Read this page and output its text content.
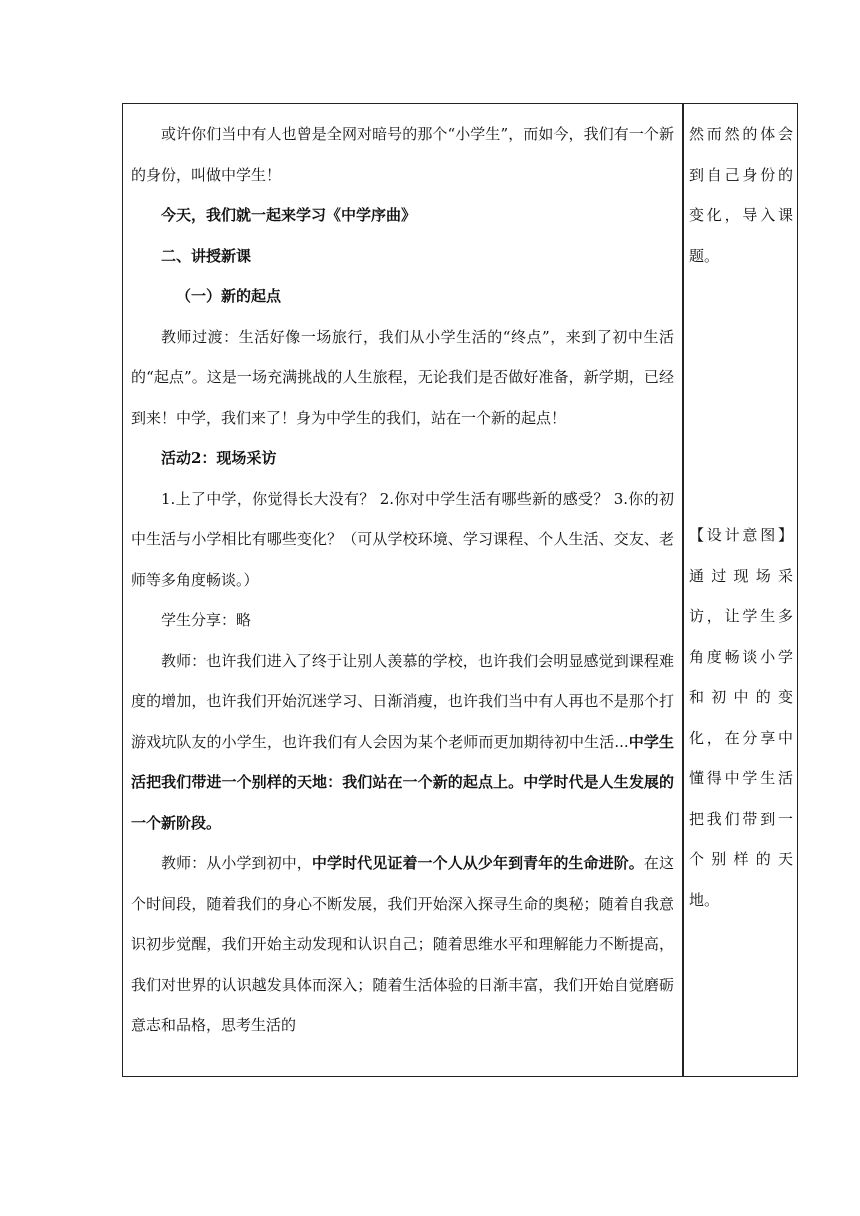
或许你们当中有人也曾是全网对暗号的那个“小学生”，而如今，我们有一个新的身份，叫做中学生！

今天，我们就一起来学习《中学序曲》

二、讲授新课

（一）新的起点

教师过渡：生活好像一场旅行，我们从小学生活的“终点”，来到了初中生活的“起点”。这是一场充满挑战的人生旅程，无论我们是否做好准备，新学期，已经到来！中学，我们来了！身为中学生的我们，站在一个新的起点！

活动2：现场采访

1.上了中学，你觉得长大没有？ 2.你对中学生活有哪些新的感受？ 3.你的初中生活与小学相比有哪些变化？（可从学校环境、学习课程、个人生活、交友、老师等多角度畅谈。）

学生分享：略

教师：也许我们进入了终于让别人羡慕的学校，也许我们会明显感觉到课程难度的增加，也许我们开始沉迷学习、日渐消瘦，也许我们当中有人再也不是那个打游戏坑队友的小学生，也许我们有人会因为某个老师而更加期待初中生活...中学生活把我们带进一个别样的天地：我们站在一个新的起点上。中学时代是人生发展的一个新阶段。

教师：从小学到初中，中学时代见证着一个人从少年到青年的生命进阶。在这个时间段，随着我们的身心不断发展，我们开始深入探寻生命的奥秘；随着自我意识初步觉醒，我们开始主动发现和认识自己；随着思维水平和理解能力不断提高，我们对世界的认识越发具体而深入；随着生活体验的日渐丰富，我们开始自觉磨砺意志和品格，思考生活的

然而然的体会
到自己身份的
变化，导入课
题。
【设计意图】
通过现场采
访，让学生多
角度畅谈小学
和初中的变
化，在分享中
懂得中学生活
把我们带到一
个别样的天
地。
